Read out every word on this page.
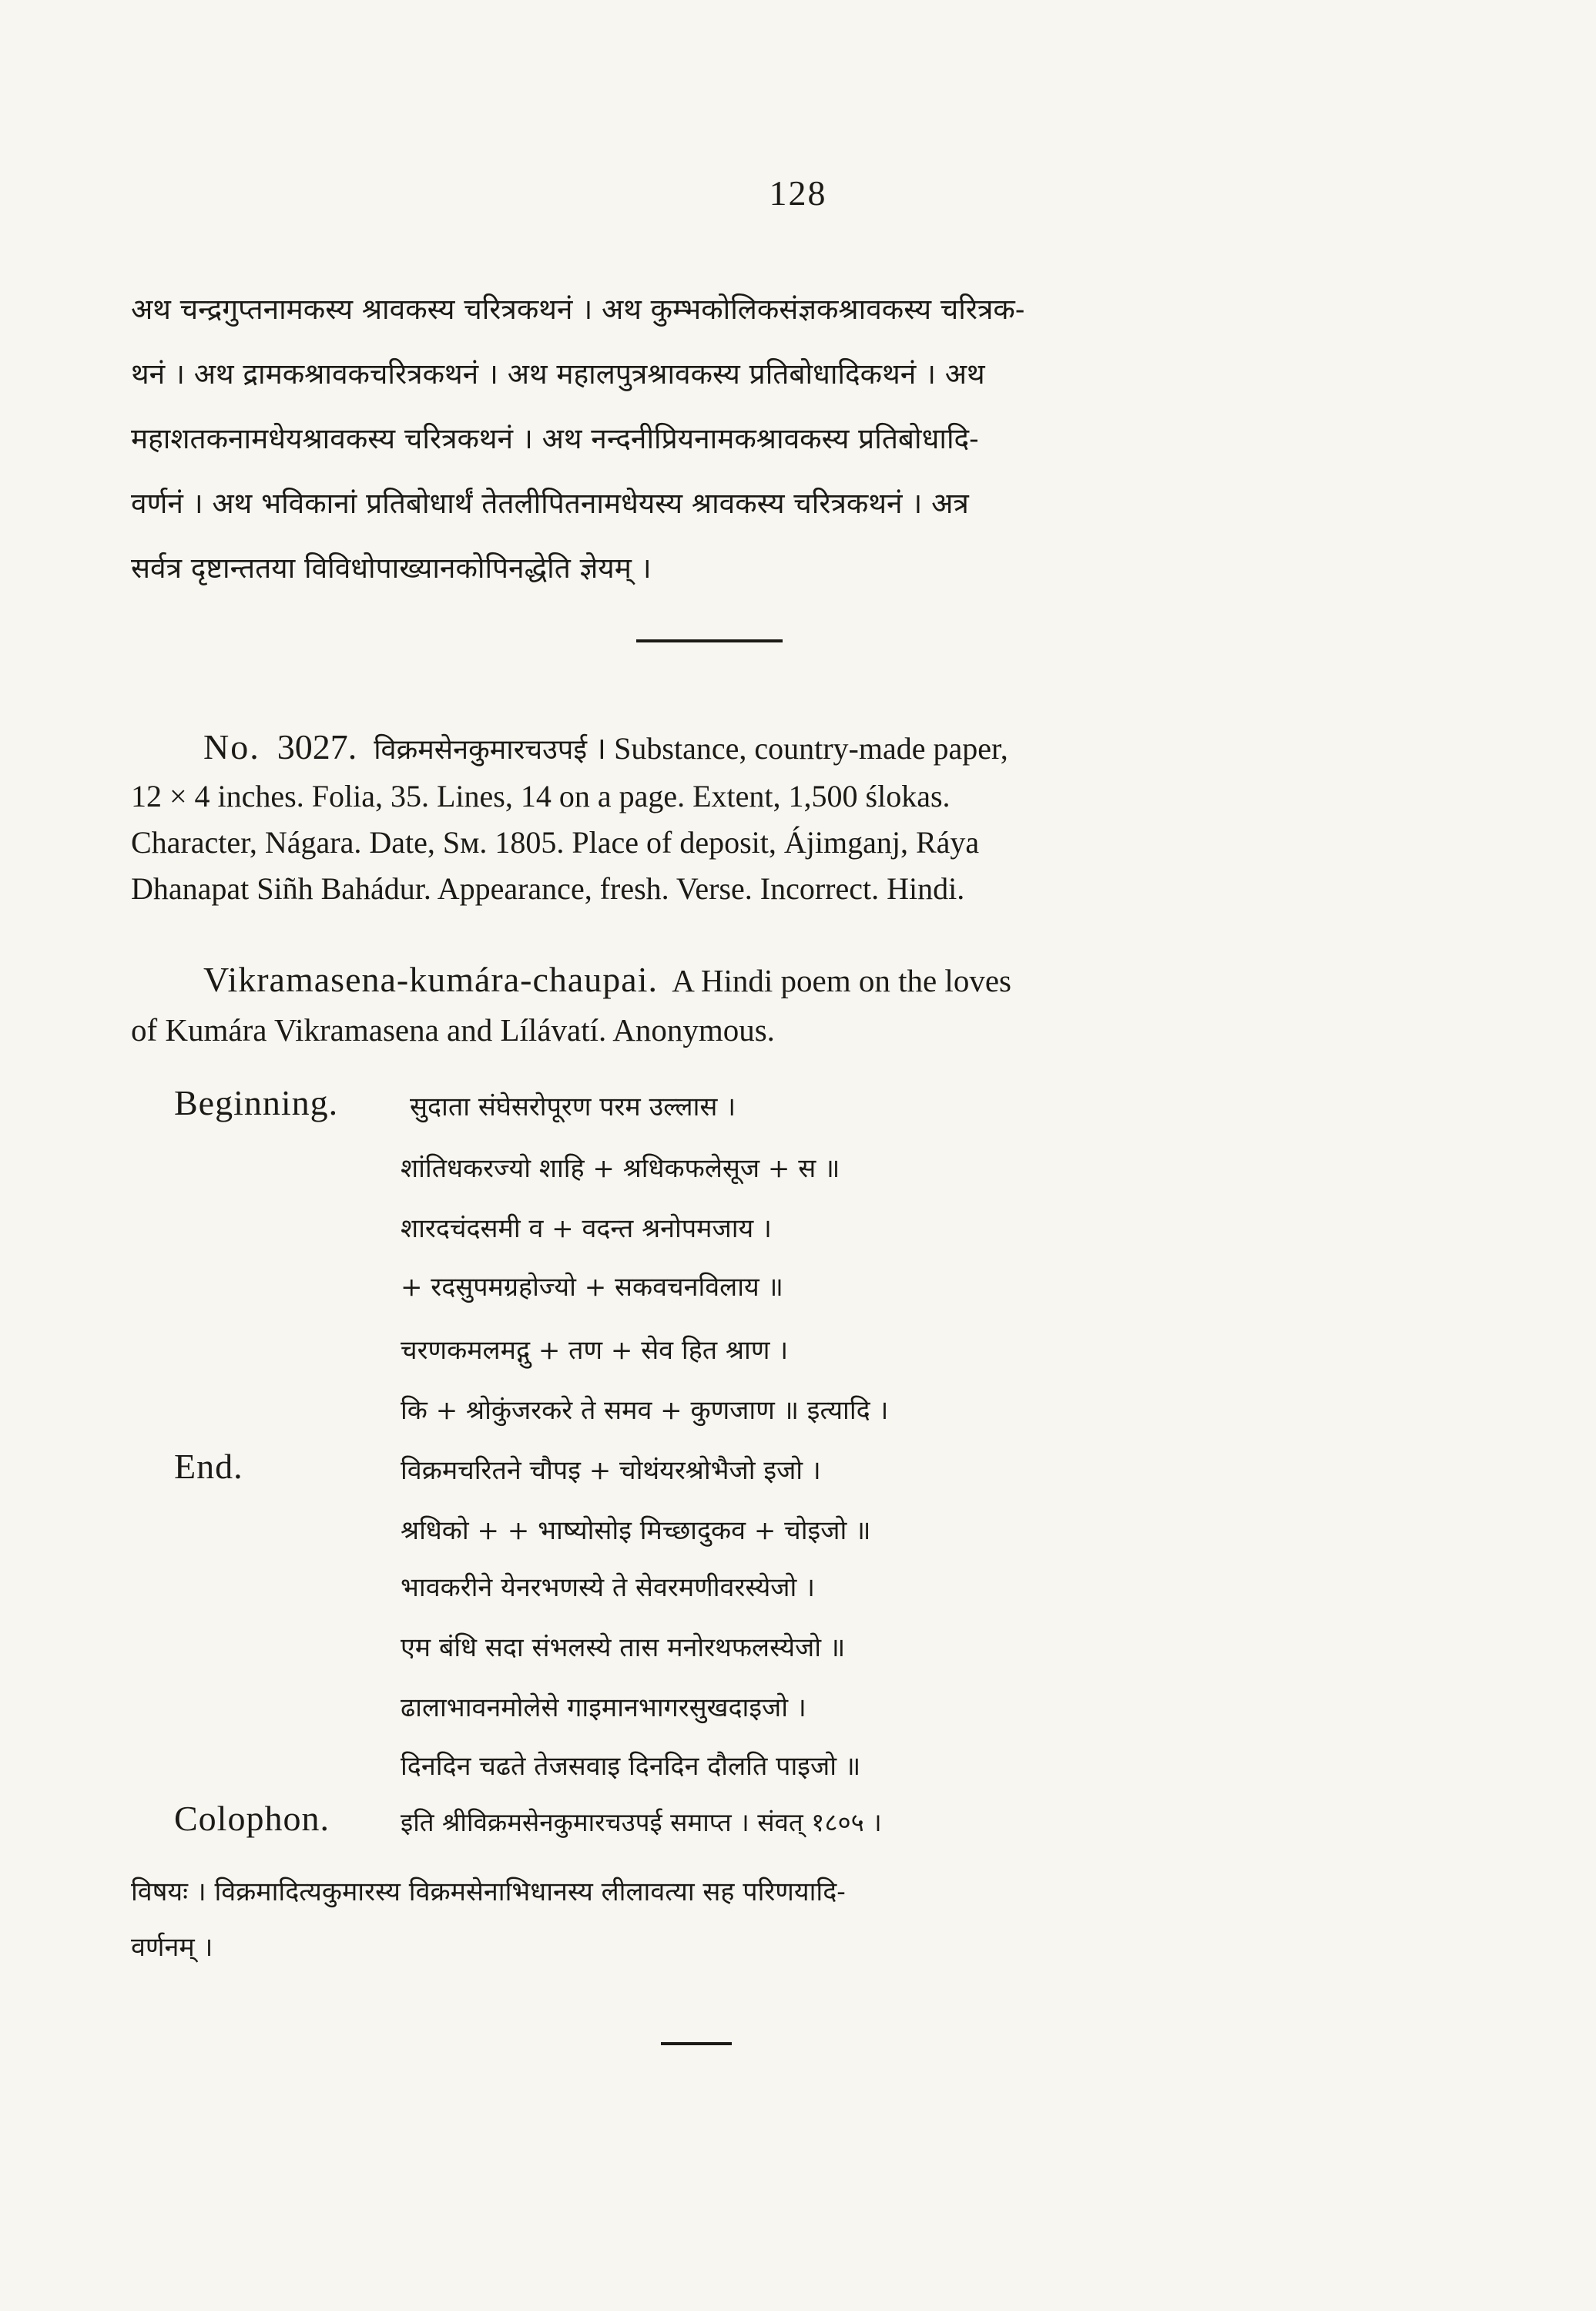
128
अथ चन्द्रगुप्तनामकस्य श्रावकस्य चरित्रकथनं । अथ कुम्भकोलिकसंज्ञकश्रावकस्य चरित्रक-
थनं । अथ द्रामकश्रावकचरित्रकथनं । अथ महालपुत्रश्रावकस्य प्रतिबोधादिकथनं । अथ
महाशतकनामधेयश्रावकस्य चरित्रकथनं । अथ नन्दनीप्रियनामकश्रावकस्य प्रतिबोधादि-
वर्णनं । अथ भविकानां प्रतिबोधार्थं तेतलीपितनामधेयस्य श्रावकस्य चरित्रकथनं । अत्र
सर्वत्र दृष्टान्ततया विविधोपाख्यानकोपिनद्धेति ज्ञेयम् ।
No. 3027. विक्रमसेनकुमारचउपई । Substance, country-made paper,
12 × 4 inches. Folia, 35. Lines, 14 on a page. Extent, 1,500 ślokas.
Character, Nágara. Date, Sᴍ. 1805. Place of deposit, Ájimganj, Ráya
Dhanapat Siñh Bahádur. Appearance, fresh. Verse. Incorrect. Hindi.
Vikramasena-kumára-chaupai. A Hindi poem on the loves
of Kumára Vikramasena and Lílávatí. Anonymous.
Beginning.	सुदाता संघेसरोपूरण परम उल्लास ।
शांतिधकरज्यो शाहि + श्रधिकफलेसूज + स ॥
शारदचंदसमी व + वदन्त श्रनोपमजाय ।
+ रदसुपमग्रहोज्यो + सकवचनविलाय ॥
चरणकमलमद्गु + तण + सेव हित श्राण ।
कि + श्रोकुंजरकरे ते समव + कुणजाण ॥ इत्यादि ।
End.	विक्रमचरितने चौपइ + चोथंयरश्रोभैजो इजो ।
श्रधिको + + भाष्योसोइ मिच्छादुकव + चोइजो ॥
भावकरीने येनरभणस्ये ते सेवरमणीवरस्येजो ।
एम बंधि सदा संभलस्ये तास मनोरथफलस्येजो ॥
ढालाभावनमोलेसे गाइमानभागरसुखदाइजो ।
दिनदिन चढते तेजसवाइ दिनदिन दौलति पाइजो ॥
Colophon.	इति श्रीविक्रमसेनकुमारचउपई समाप्त । संवत् १८०५ ।
विषयः । विक्रमादित्यकुमारस्य विक्रमसेनाभिधानस्य लीलावत्या सह परिणयादि-
वर्णनम् ।
